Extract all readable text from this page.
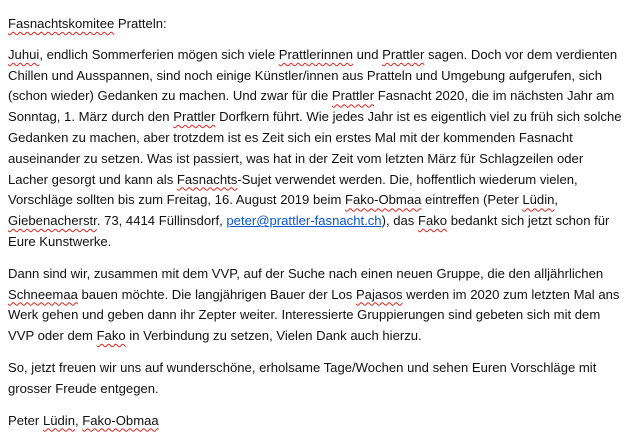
Fasnachtskomitee Pratteln:

Juhui, endlich Sommerferien mögen sich viele Prattlerinnen und Prattler sagen. Doch vor dem verdienten Chillen und Ausspannen, sind noch einige Künstler/innen aus Pratteln und Umgebung aufgerufen, sich (schon wieder) Gedanken zu machen. Und zwar für die Prattler Fasnacht 2020, die im nächsten Jahr am Sonntag, 1. März durch den Prattler Dorfkern führt. Wie jedes Jahr ist es eigentlich viel zu früh sich solche Gedanken zu machen, aber trotzdem ist es Zeit sich ein erstes Mal mit der kommenden Fasnacht auseinander zu setzen. Was ist passiert, was hat in der Zeit vom letzten März für Schlagzeilen oder Lacher gesorgt und kann als Fasnachts-Sujet verwendet werden. Die, hoffentlich wiederum vielen, Vorschläge sollten bis zum Freitag, 16. August 2019 beim Fako-Obmaa eintreffen (Peter Lüdin, Giebenacherstr. 73, 4414 Füllinsdorf, peter@prattler-fasnacht.ch), das Fako bedankt sich jetzt schon für Eure Kunstwerke.

Dann sind wir, zusammen mit dem VVP, auf der Suche nach einen neuen Gruppe, die den alljährlichen Schneemaa bauen möchte. Die langjährigen Bauer der Los Pajasos werden im 2020 zum letzten Mal ans Werk gehen und geben dann ihr Zepter weiter. Interessierte Gruppierungen sind gebeten sich mit dem VVP oder dem Fako in Verbindung zu setzen, Vielen Dank auch hierzu.

So, jetzt freuen wir uns auf wunderschöne, erholsame Tage/Wochen und sehen Euren Vorschläge mit grosser Freude entgegen.

Peter Lüdin, Fako-Obmaa
